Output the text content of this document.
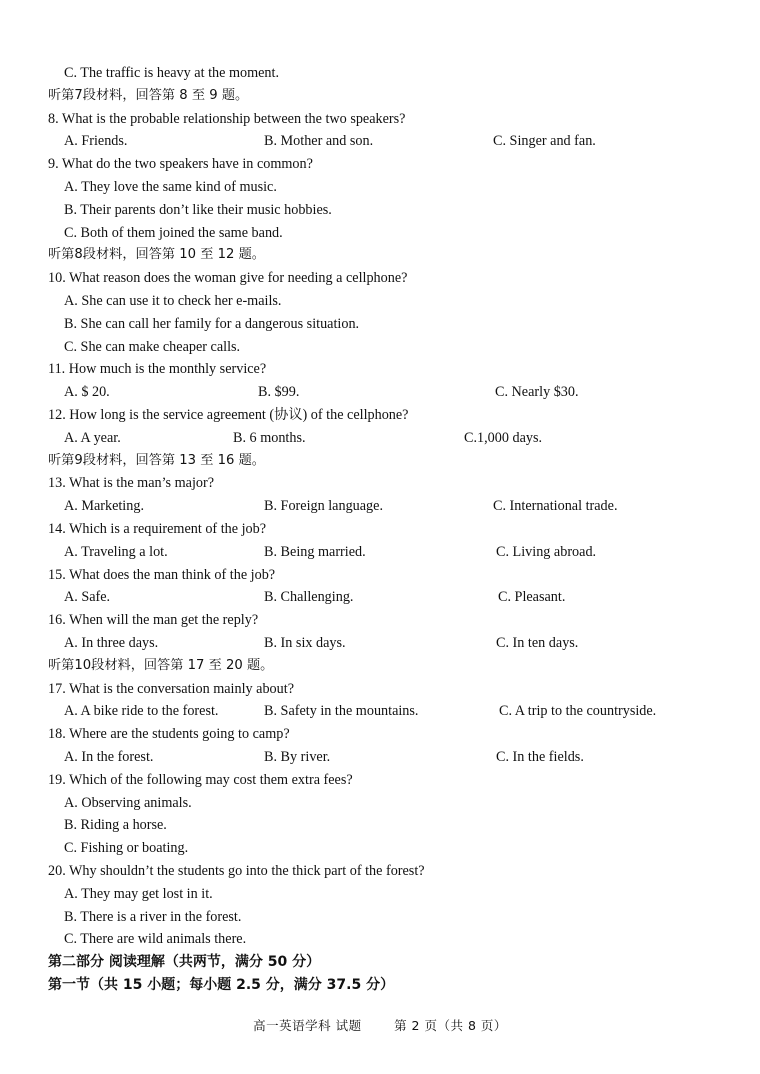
C. The traffic is heavy at the moment.
听第7段材料，回答第 8 至 9 题。
8. What is the probable relationship between the two speakers?
A. Friends.	B. Mother and son.	C. Singer and fan.
9. What do the two speakers have in common?
A. They love the same kind of music.
B. Their parents don’t like their music hobbies.
C. Both of them joined the same band.
听第8段材料，回答第 10 至 12 题。
10. What reason does the woman give for needing a cellphone?
A. She can use it to check her e-mails.
B. She can call her family for a dangerous situation.
C. She can make cheaper calls.
11. How much is the monthly service?
A. $ 20.	B. $99.	C. Nearly $30.
12. How long is the service agreement (协议) of the cellphone?
A. A year.	B. 6 months.	C.1,000 days.
听第9段材料，回答第 13 至 16 题。
13. What is the man’s major?
A. Marketing.	B. Foreign language.	C. International trade.
14. Which is a requirement of the job?
A. Traveling a lot.	B. Being married.	C. Living abroad.
15. What does the man think of the job?
A. Safe.	B. Challenging.	C. Pleasant.
16. When will the man get the reply?
A. In three days.	B. In six days.	C. In ten days.
听第10段材料，回答第 17 至 20 题。
17. What is the conversation mainly about?
A. A bike ride to the forest.	B. Safety in the mountains.	C. A trip to the countryside.
18. Where are the students going to camp?
A. In the forest.	B. By river.	C. In the fields.
19. Which of the following may cost them extra fees?
A. Observing animals.
B. Riding a horse.
C. Fishing or boating.
20. Why shouldn’t the students go into the thick part of the forest?
A. They may get lost in it.
B. There is a river in the forest.
C. There are wild animals there.
第二部分 阅读理解（共两节，满分 50 分）
第一节（共 15 小题；每小题 2.5 分，满分 37.5 分）
高一英语学科 试题	第 2 页（共 8 页）
